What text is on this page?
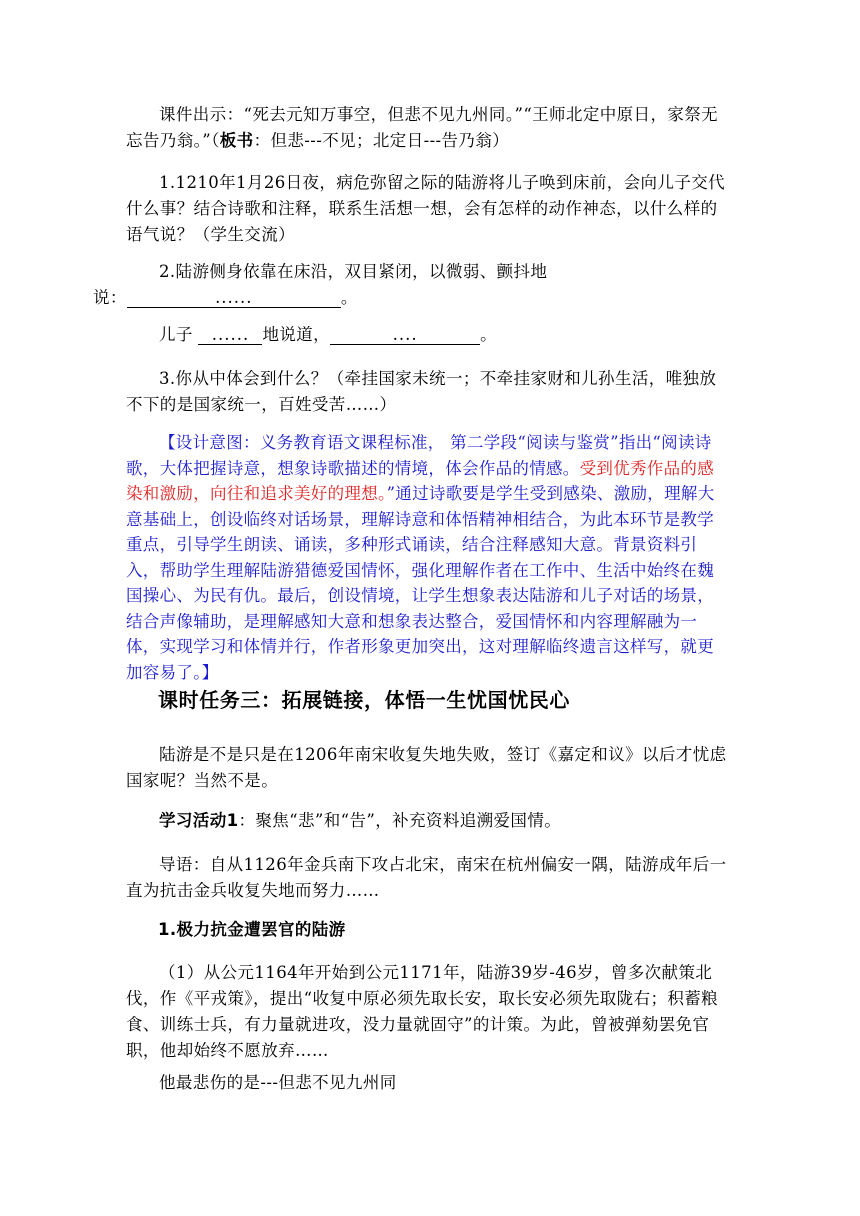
课件出示：“死去元知万事空，但悲不见九州同。”“王师北定中原日，家祭无忘告乃翁。”（板书：但悲---不见；北定日---告乃翁）

1.1210年1月26日夜，病危弥留之际的陆游将儿子唤到床前，会向儿子交代什么事？结合诗歌和注释，联系生活想一想，会有怎样的动作神态，以什么样的语气说？（学生交流）

2.陆游侧身依靠在床沿，双目紧闭，以微弱、颤抖地
说：	......	。

儿子 ...... 地说道，	....	。

3.你从中体会到什么？（牵挂国家未统一；不牵挂家财和儿孙生活，唯独放不下的是国家统一，百姓受苦……）

【设计意图：义务教育语文课程标准， 第二学段“阅读与鉴赏”指出“阅读诗歌，大体把握诗意，想象诗歌描述的情境，体会作品的情感。受到优秀作品的感染和激励，向往和追求美好的理想。”通过诗歌要是学生受到感染、激励，理解大意基础上，创设临终对话场景，理解诗意和体悟精神相结合，为此本环节是教学重点，引导学生朗读、诵读，多种形式诵读，结合注释感知大意。背景资料引入，帮助学生理解陆游猎德爱国情怀，强化理解作者在工作中、生活中始终在魏国操心、为民有仇。最后，创设情境，让学生想象表达陆游和儿子对话的场景，结合声像辅助，是理解感知大意和想象表达整合，爱国情怀和内容理解融为一体，实现学习和体情并行，作者形象更加突出，这对理解临终遗言这样写，就更加容易了。】

课时任务三：拓展链接，体悟一生忧国忧民心

陆游是不是只是在1206年南宋收复失地失败，签订《嘉定和议》以后才忧虑国家呢？当然不是。

学习活动1：聚焦“悲”和“告”，补充资料追溯爱国情。

导语：自从1126年金兵南下攻占北宋，南宋在杭州偏安一隅，陆游成年后一直为抗击金兵收复失地而努力……

1.极力抗金遭罢官的陆游

（1）从公元1164年开始到公元1171年，陆游39岁-46岁，曾多次献策北伐，作《平戎策》，提出“收复中原必须先取长安，取长安必须先取陇右；积蓄粮食、训练士兵，有力量就进攻，没力量就固守”的计策。为此，曾被弹劾罢免官职，他却始终不愿放弃……

他最悲伤的是---但悲不见九州同
